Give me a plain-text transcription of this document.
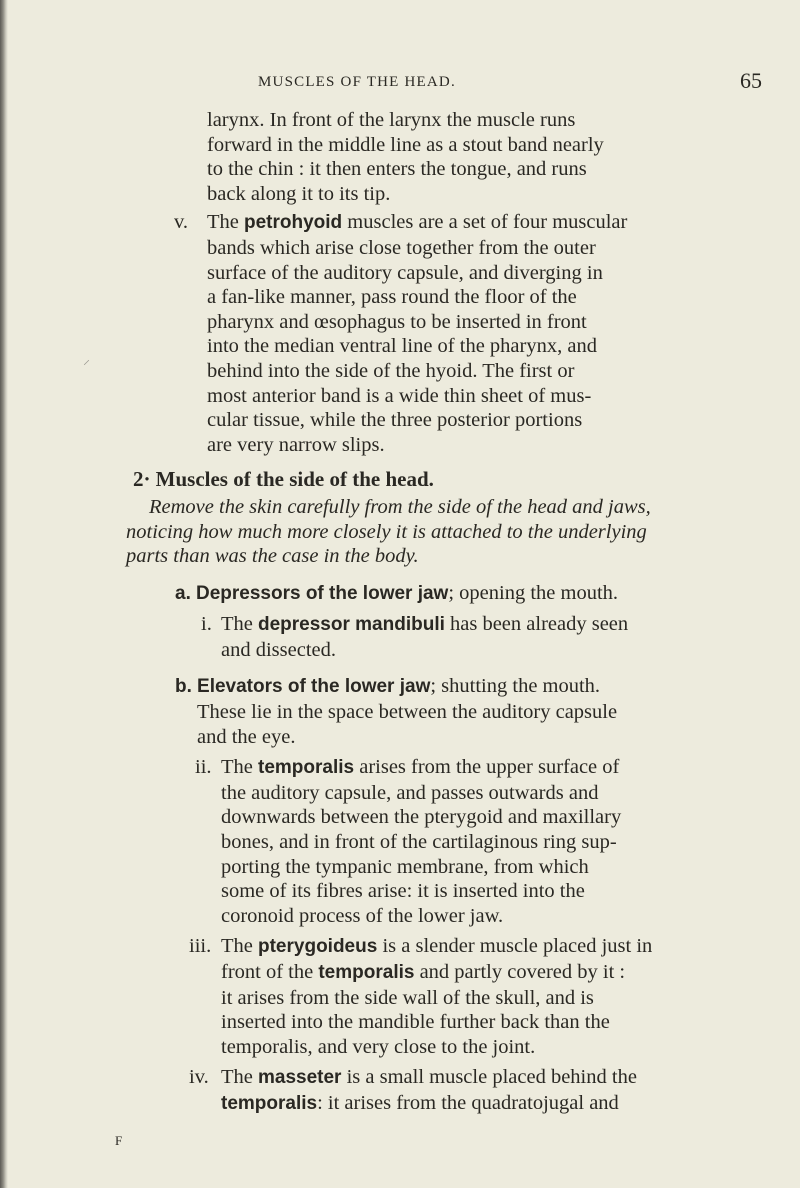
MUSCLES OF THE HEAD.	65
⸝
larynx. In front of the larynx the muscle runs
forward in the middle line as a stout band nearly
to the chin : it then enters the tongue, and runs
back along it to its tip.
v. The petrohyoid muscles are a set of four muscular
bands which arise close together from the outer
surface of the auditory capsule, and diverging in
a fan-like manner, pass round the floor of the
pharynx and œsophagus to be inserted in front
into the median ventral line of the pharynx, and
behind into the side of the hyoid. The first or
most anterior band is a wide thin sheet of mus-
cular tissue, while the three posterior portions
are very narrow slips.
2· Muscles of the side of the head.
Remove the skin carefully from the side of the head and jaws,
noticing how much more closely it is attached to the underlying
parts than was the case in the body.
a. Depressors of the lower jaw; opening the mouth.
i. The depressor mandibuli has been already seen
and dissected.
b. Elevators of the lower jaw; shutting the mouth.
These lie in the space between the auditory capsule
and the eye.
ii. The temporalis arises from the upper surface of
the auditory capsule, and passes outwards and
downwards between the pterygoid and maxillary
bones, and in front of the cartilaginous ring sup-
porting the tympanic membrane, from which
some of its fibres arise: it is inserted into the
coronoid process of the lower jaw.
iii. The pterygoideus is a slender muscle placed just in
front of the temporalis and partly covered by it :
it arises from the side wall of the skull, and is
inserted into the mandible further back than the
temporalis, and very close to the joint.
iv. The masseter is a small muscle placed behind the
temporalis: it arises from the quadratojugal and
F
